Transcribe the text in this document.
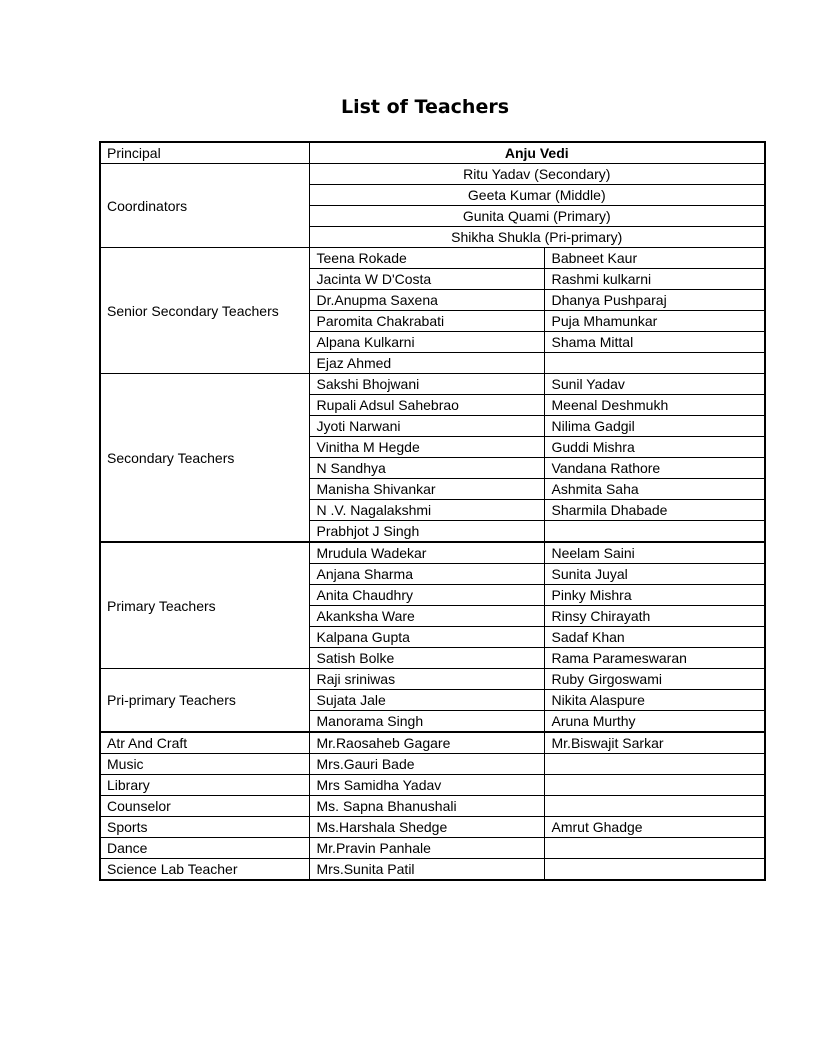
List of Teachers
Principal	Anju Vedi	
Coordinators	Ritu Yadav (Secondary)	
	Geeta Kumar (Middle)	
	Gunita Quami (Primary)	
	Shikha Shukla (Pri-primary)	
Senior Secondary Teachers	Teena Rokade	Babneet Kaur
	Jacinta W D'Costa	Rashmi kulkarni
	Dr.Anupma Saxena	Dhanya Pushparaj
	Paromita Chakrabati	Puja Mhamunkar
	Alpana Kulkarni	Shama Mittal
	Ejaz Ahmed	
Secondary Teachers	Sakshi Bhojwani	Sunil Yadav
	Rupali Adsul Sahebrao	Meenal Deshmukh
	Jyoti Narwani	Nilima Gadgil
	Vinitha M Hegde	Guddi Mishra
	N Sandhya	Vandana Rathore
	Manisha Shivankar	Ashmita Saha
	N .V. Nagalakshmi	Sharmila Dhabade
	Prabhjot J Singh	
Primary Teachers	Mrudula Wadekar	Neelam Saini
	Anjana Sharma	Sunita Juyal
	Anita Chaudhry	Pinky Mishra
	Akanksha Ware	Rinsy Chirayath
	Kalpana Gupta	Sadaf Khan
	Satish Bolke	Rama Parameswaran
Pri-primary Teachers	Raji sriniwas	Ruby Girgoswami
	Sujata Jale	Nikita Alaspure
	Manorama Singh	Aruna Murthy
Atr And Craft	Mr.Raosaheb Gagare	Mr.Biswajit Sarkar
Music	Mrs.Gauri Bade	
Library	Mrs Samidha Yadav	
Counselor	Ms. Sapna Bhanushali	
Sports	Ms.Harshala Shedge	Amrut Ghadge
Dance	Mr.Pravin Panhale	
Science Lab Teacher	Mrs.Sunita Patil	
